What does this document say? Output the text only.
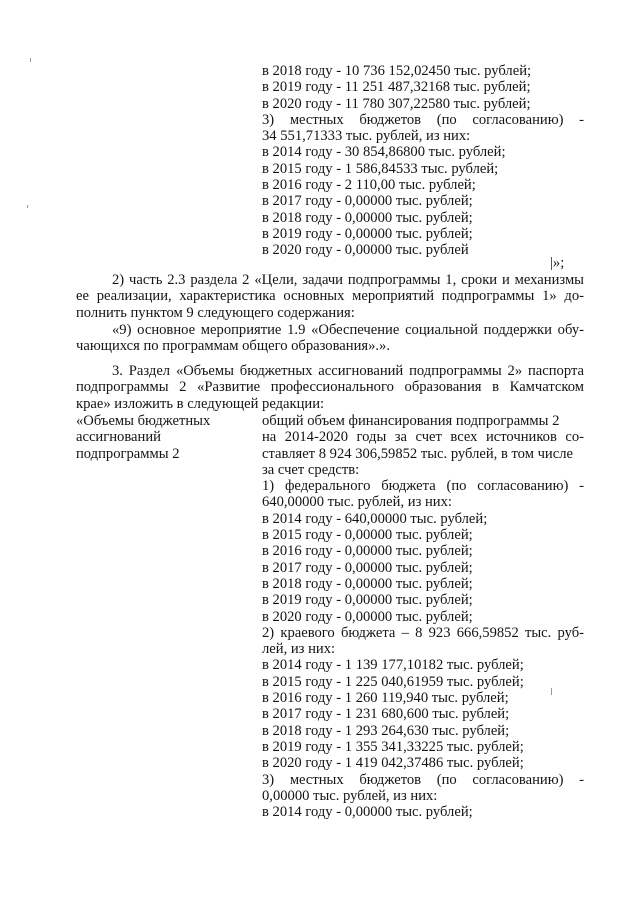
в 2018 году - 10 736 152,02450 тыс. рублей;
в 2019 году - 11 251 487,32168 тыс. рублей;
в 2020 году - 11 780 307,22580 тыс. рублей;
3) местных бюджетов (по согласованию) -
34 551,71333 тыс. рублей, из них:
в 2014 году - 30 854,86800 тыс. рублей;
в 2015 году - 1 586,84533 тыс. рублей;
в 2016 году - 2 110,00 тыс. рублей;
в 2017 году - 0,00000 тыс. рублей;
в 2018 году - 0,00000 тыс. рублей;
в 2019 году - 0,00000 тыс. рублей;
в 2020 году - 0,00000 тыс. рублей
|»;
2) часть 2.3 раздела 2 «Цели, задачи подпрограммы 1, сроки и механизмы
ее реализации, характеристика основных мероприятий подпрограммы 1» до-
полнить пунктом 9 следующего содержания:
«9) основное мероприятие 1.9 «Обеспечение социальной поддержки обу-
чающихся по программам общего образования».».
3. Раздел «Объемы бюджетных ассигнований подпрограммы 2» паспорта
подпрограммы 2 «Развитие профессионального образования в Камчатском
крае» изложить в следующей редакции:
«Объемы бюджетных
ассигнований
подпрограммы 2
общий объем финансирования подпрограммы 2
на 2014-2020 годы за счет всех источников со-
ставляет 8 924 306,59852 тыс. рублей, в том числе
за счет средств:
1) федерального бюджета (по согласованию) -
640,00000 тыс. рублей, из них:
в 2014 году - 640,00000 тыс. рублей;
в 2015 году - 0,00000 тыс. рублей;
в 2016 году - 0,00000 тыс. рублей;
в 2017 году - 0,00000 тыс. рублей;
в 2018 году - 0,00000 тыс. рублей;
в 2019 году - 0,00000 тыс. рублей;
в 2020 году - 0,00000 тыс. рублей;
2) краевого бюджета – 8 923 666,59852 тыс. руб-
лей, из них:
в 2014 году - 1 139 177,10182 тыс. рублей;
в 2015 году - 1 225 040,61959 тыс. рублей;
в 2016 году - 1 260 119,940 тыс. рублей;
в 2017 году - 1 231 680,600 тыс. рублей;
в 2018 году - 1 293 264,630 тыс. рублей;
в 2019 году - 1 355 341,33225 тыс. рублей;
в 2020 году - 1 419 042,37486 тыс. рублей;
3) местных бюджетов (по согласованию) -
0,00000 тыс. рублей, из них:
в 2014 году - 0,00000 тыс. рублей;
